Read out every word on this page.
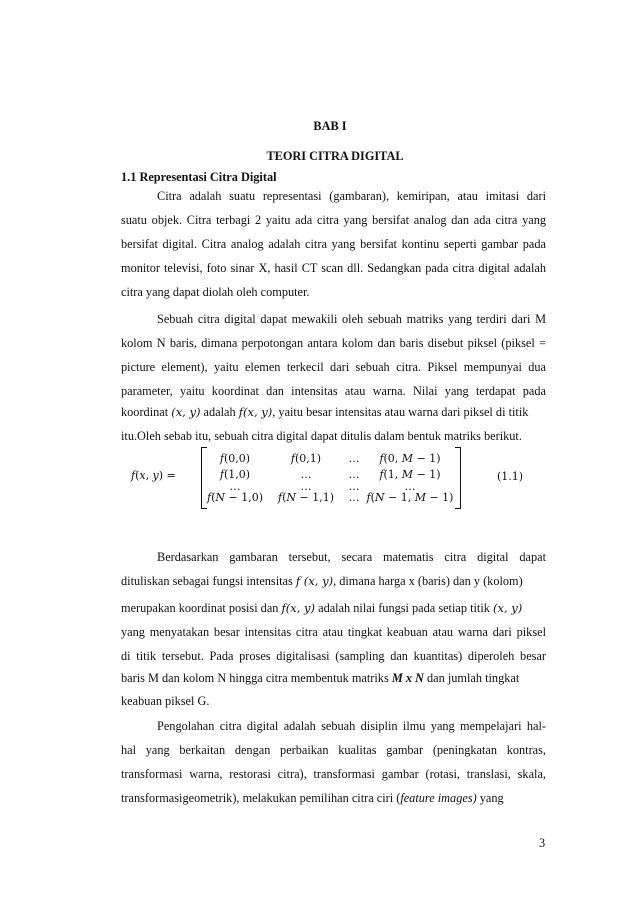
BAB I
TEORI CITRA DIGITAL
1.1 Representasi Citra Digital
Citra adalah suatu representasi (gambaran), kemiripan, atau imitasi dari
suatu objek. Citra terbagi 2 yaitu ada citra yang bersifat analog dan ada citra yang
bersifat digital. Citra analog adalah citra yang bersifat kontinu seperti gambar pada
monitor televisi, foto sinar X, hasil CT scan dll. Sedangkan pada citra digital adalah
citra yang dapat diolah oleh computer.
Sebuah citra digital dapat mewakili oleh sebuah matriks yang terdiri dari M
kolom N baris, dimana perpotongan antara kolom dan baris disebut piksel (piksel =
picture element), yaitu elemen terkecil dari sebuah citra. Piksel mempunyai dua
parameter, yaitu koordinat dan intensitas atau warna. Nilai yang terdapat pada
koordinat (𝑥, 𝑦) adalah 𝑓(𝑥, 𝑦), yaitu besar intensitas atau warna dari piksel di titik
itu.Oleh sebab itu, sebuah citra digital dapat ditulis dalam bentuk matriks berikut.
𝑓(𝑥, 𝑦) =
𝑓(0,0)	𝑓(0,1)	…	𝑓(0, 𝑀 − 1)
𝑓(1,0)	…	…	𝑓(1, 𝑀 − 1)
…	…	…	…
𝑓(𝑁 − 1,0)	𝑓(𝑁 − 1,1)	… 𝑓(𝑁 − 1, 𝑀 − 1)
(1.1)
Berdasarkan gambaran tersebut, secara matematis citra digital dapat
dituliskan sebagai fungsi intensitas 𝑓 (𝑥, 𝑦), dimana harga x (baris) dan y (kolom)
merupakan koordinat posisi dan 𝑓(𝑥, 𝑦) adalah nilai fungsi pada setiap titik (𝑥, 𝑦)
yang menyatakan besar intensitas citra atau tingkat keabuan atau warna dari piksel
di titik tersebut. Pada proses digitalisasi (sampling dan kuantitas) diperoleh besar
baris M dan kolom N hingga citra membentuk matriks M x N dan jumlah tingkat
keabuan piksel G.
Pengolahan citra digital adalah sebuah disiplin ilmu yang mempelajari hal-
hal yang berkaitan dengan perbaikan kualitas gambar (peningkatan kontras,
transformasi warna, restorasi citra), transformasi gambar (rotasi, translasi, skala,
transformasigeometrik), melakukan pemilihan citra ciri (feature images) yang
3
